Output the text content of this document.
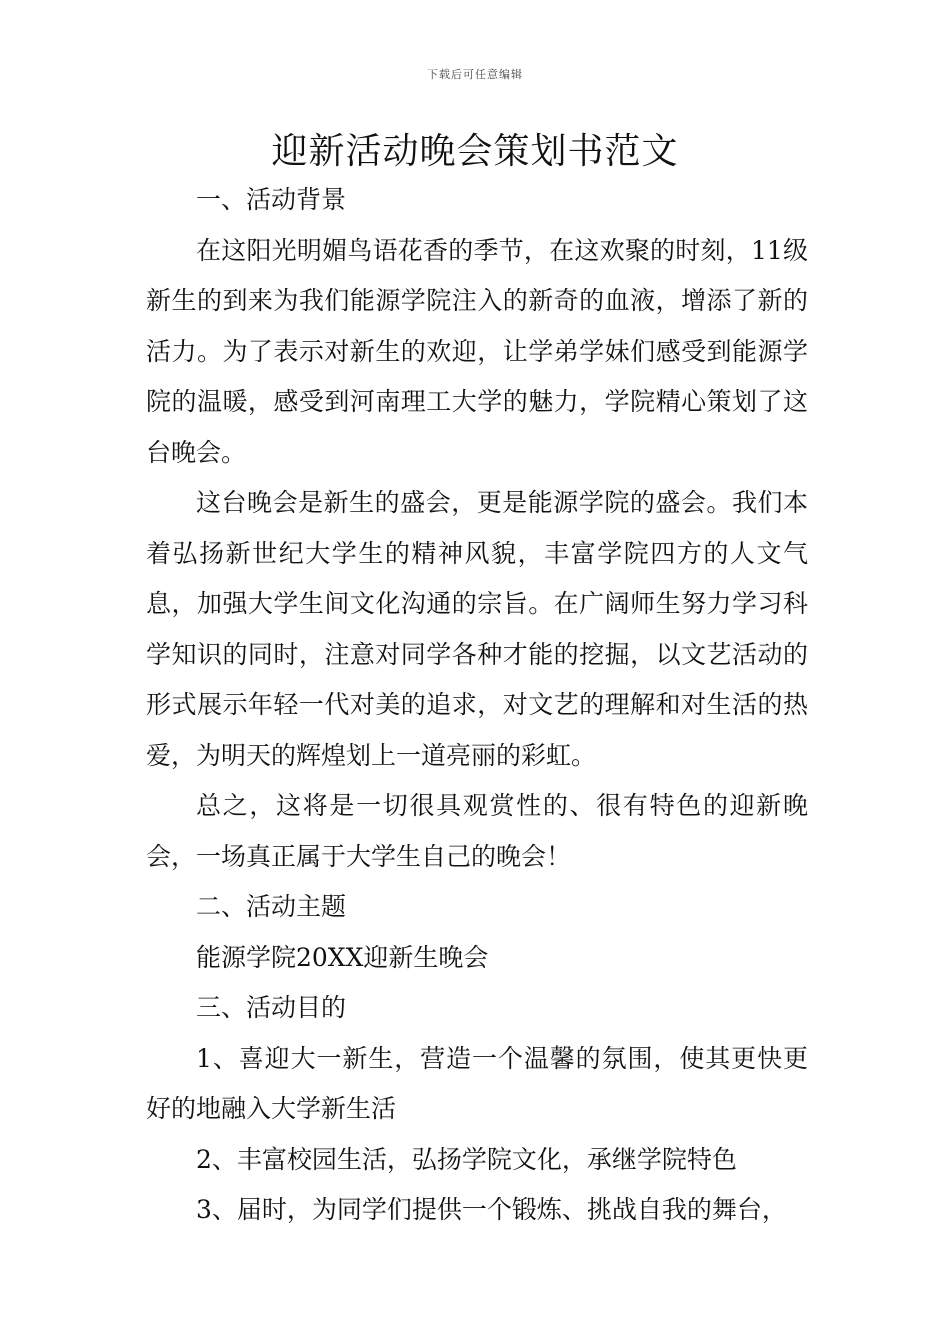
下载后可任意编辑
迎新活动晚会策划书范文

一、活动背景

在这阳光明媚鸟语花香的季节，在这欢聚的时刻，11级新生的到来为我们能源学院注入的新奇的血液，增添了新的活力。为了表示对新生的欢迎，让学弟学妹们感受到能源学院的温暖，感受到河南理工大学的魅力，学院精心策划了这台晚会。

这台晚会是新生的盛会，更是能源学院的盛会。我们本着弘扬新世纪大学生的精神风貌，丰富学院四方的人文气息，加强大学生间文化沟通的宗旨。在广阔师生努力学习科学知识的同时，注意对同学各种才能的挖掘，以文艺活动的形式展示年轻一代对美的追求，对文艺的理解和对生活的热爱，为明天的辉煌划上一道亮丽的彩虹。

总之，这将是一切很具观赏性的、很有特色的迎新晚会，一场真正属于大学生自己的晚会！

二、活动主题

能源学院20XX迎新生晚会

三、活动目的

1、喜迎大一新生，营造一个温馨的氛围，使其更快更好的地融入大学新生活

2、丰富校园生活，弘扬学院文化，承继学院特色

3、届时，为同学们提供一个锻炼、挑战自我的舞台，
